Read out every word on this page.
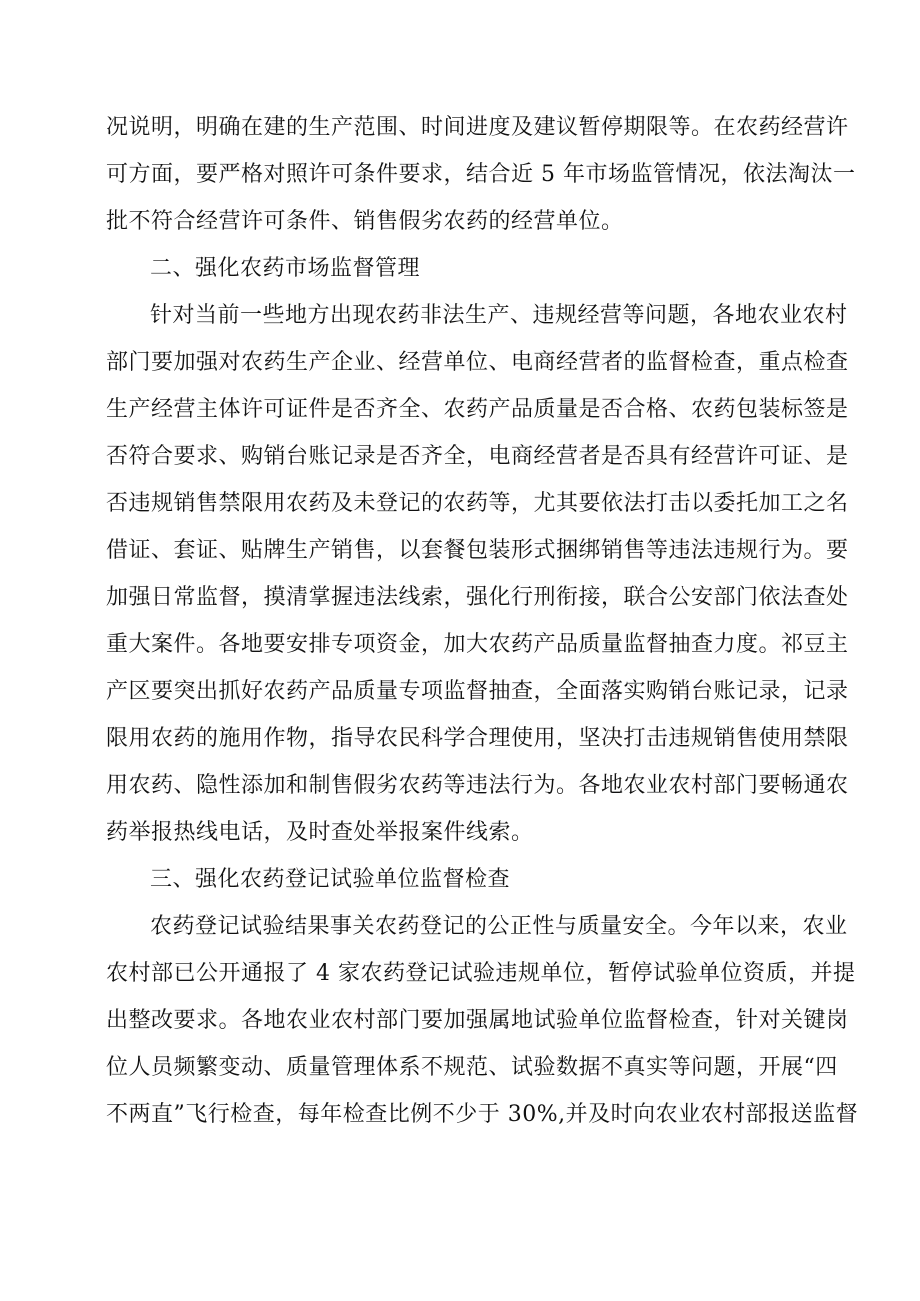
况说明，明确在建的生产范围、时间进度及建议暂停期限等。在农药经营许
可方面，要严格对照许可条件要求，结合近 5 年市场监管情况，依法淘汰一
批不符合经营许可条件、销售假劣农药的经营单位。

二、强化农药市场监督管理

针对当前一些地方出现农药非法生产、违规经营等问题，各地农业农村
部门要加强对农药生产企业、经营单位、电商经营者的监督检查，重点检查
生产经营主体许可证件是否齐全、农药产品质量是否合格、农药包装标签是
否符合要求、购销台账记录是否齐全，电商经营者是否具有经营许可证、是
否违规销售禁限用农药及未登记的农药等，尤其要依法打击以委托加工之名
借证、套证、贴牌生产销售，以套餐包装形式捆绑销售等违法违规行为。要
加强日常监督，摸清掌握违法线索，强化行刑衔接，联合公安部门依法查处
重大案件。各地要安排专项资金，加大农药产品质量监督抽查力度。祁豆主
产区要突出抓好农药产品质量专项监督抽查，全面落实购销台账记录，记录
限用农药的施用作物，指导农民科学合理使用，坚决打击违规销售使用禁限
用农药、隐性添加和制售假劣农药等违法行为。各地农业农村部门要畅通农
药举报热线电话，及时查处举报案件线索。

三、强化农药登记试验单位监督检查

农药登记试验结果事关农药登记的公正性与质量安全。今年以来，农业
农村部已公开通报了 4 家农药登记试验违规单位，暂停试验单位资质，并提
出整改要求。各地农业农村部门要加强属地试验单位监督检查，针对关键岗
位人员频繁变动、质量管理体系不规范、试验数据不真实等问题，开展“四
不两直”飞行检查，每年检查比例不少于 30%,并及时向农业农村部报送监督
